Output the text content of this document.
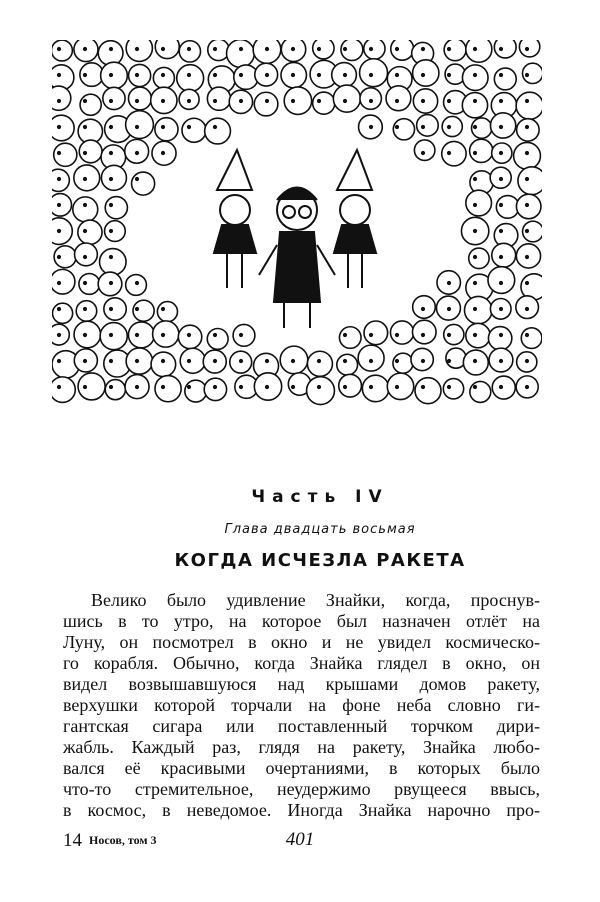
Часть IV
Глава двадцать восьмая
КОГДА ИСЧЕЗЛА РАКЕТА
Велико было удивление Знайки, когда, проснув-
шись в то утро, на которое был назначен отлёт на
Луну, он посмотрел в окно и не увидел космическо-
го корабля. Обычно, когда Знайка глядел в окно, он
видел возвышавшуюся над крышами домов ракету,
верхушки которой торчали на фоне неба словно ги-
гантская сигара или поставленный торчком дири-
жабль. Каждый раз, глядя на ракету, Знайка любо-
вался её красивыми очертаниями, в которых было
что-то стремительное, неудержимо рвущееся ввысь,
в космос, в неведомое. Иногда Знайка нарочно про-
14 Носов, том 3	401
